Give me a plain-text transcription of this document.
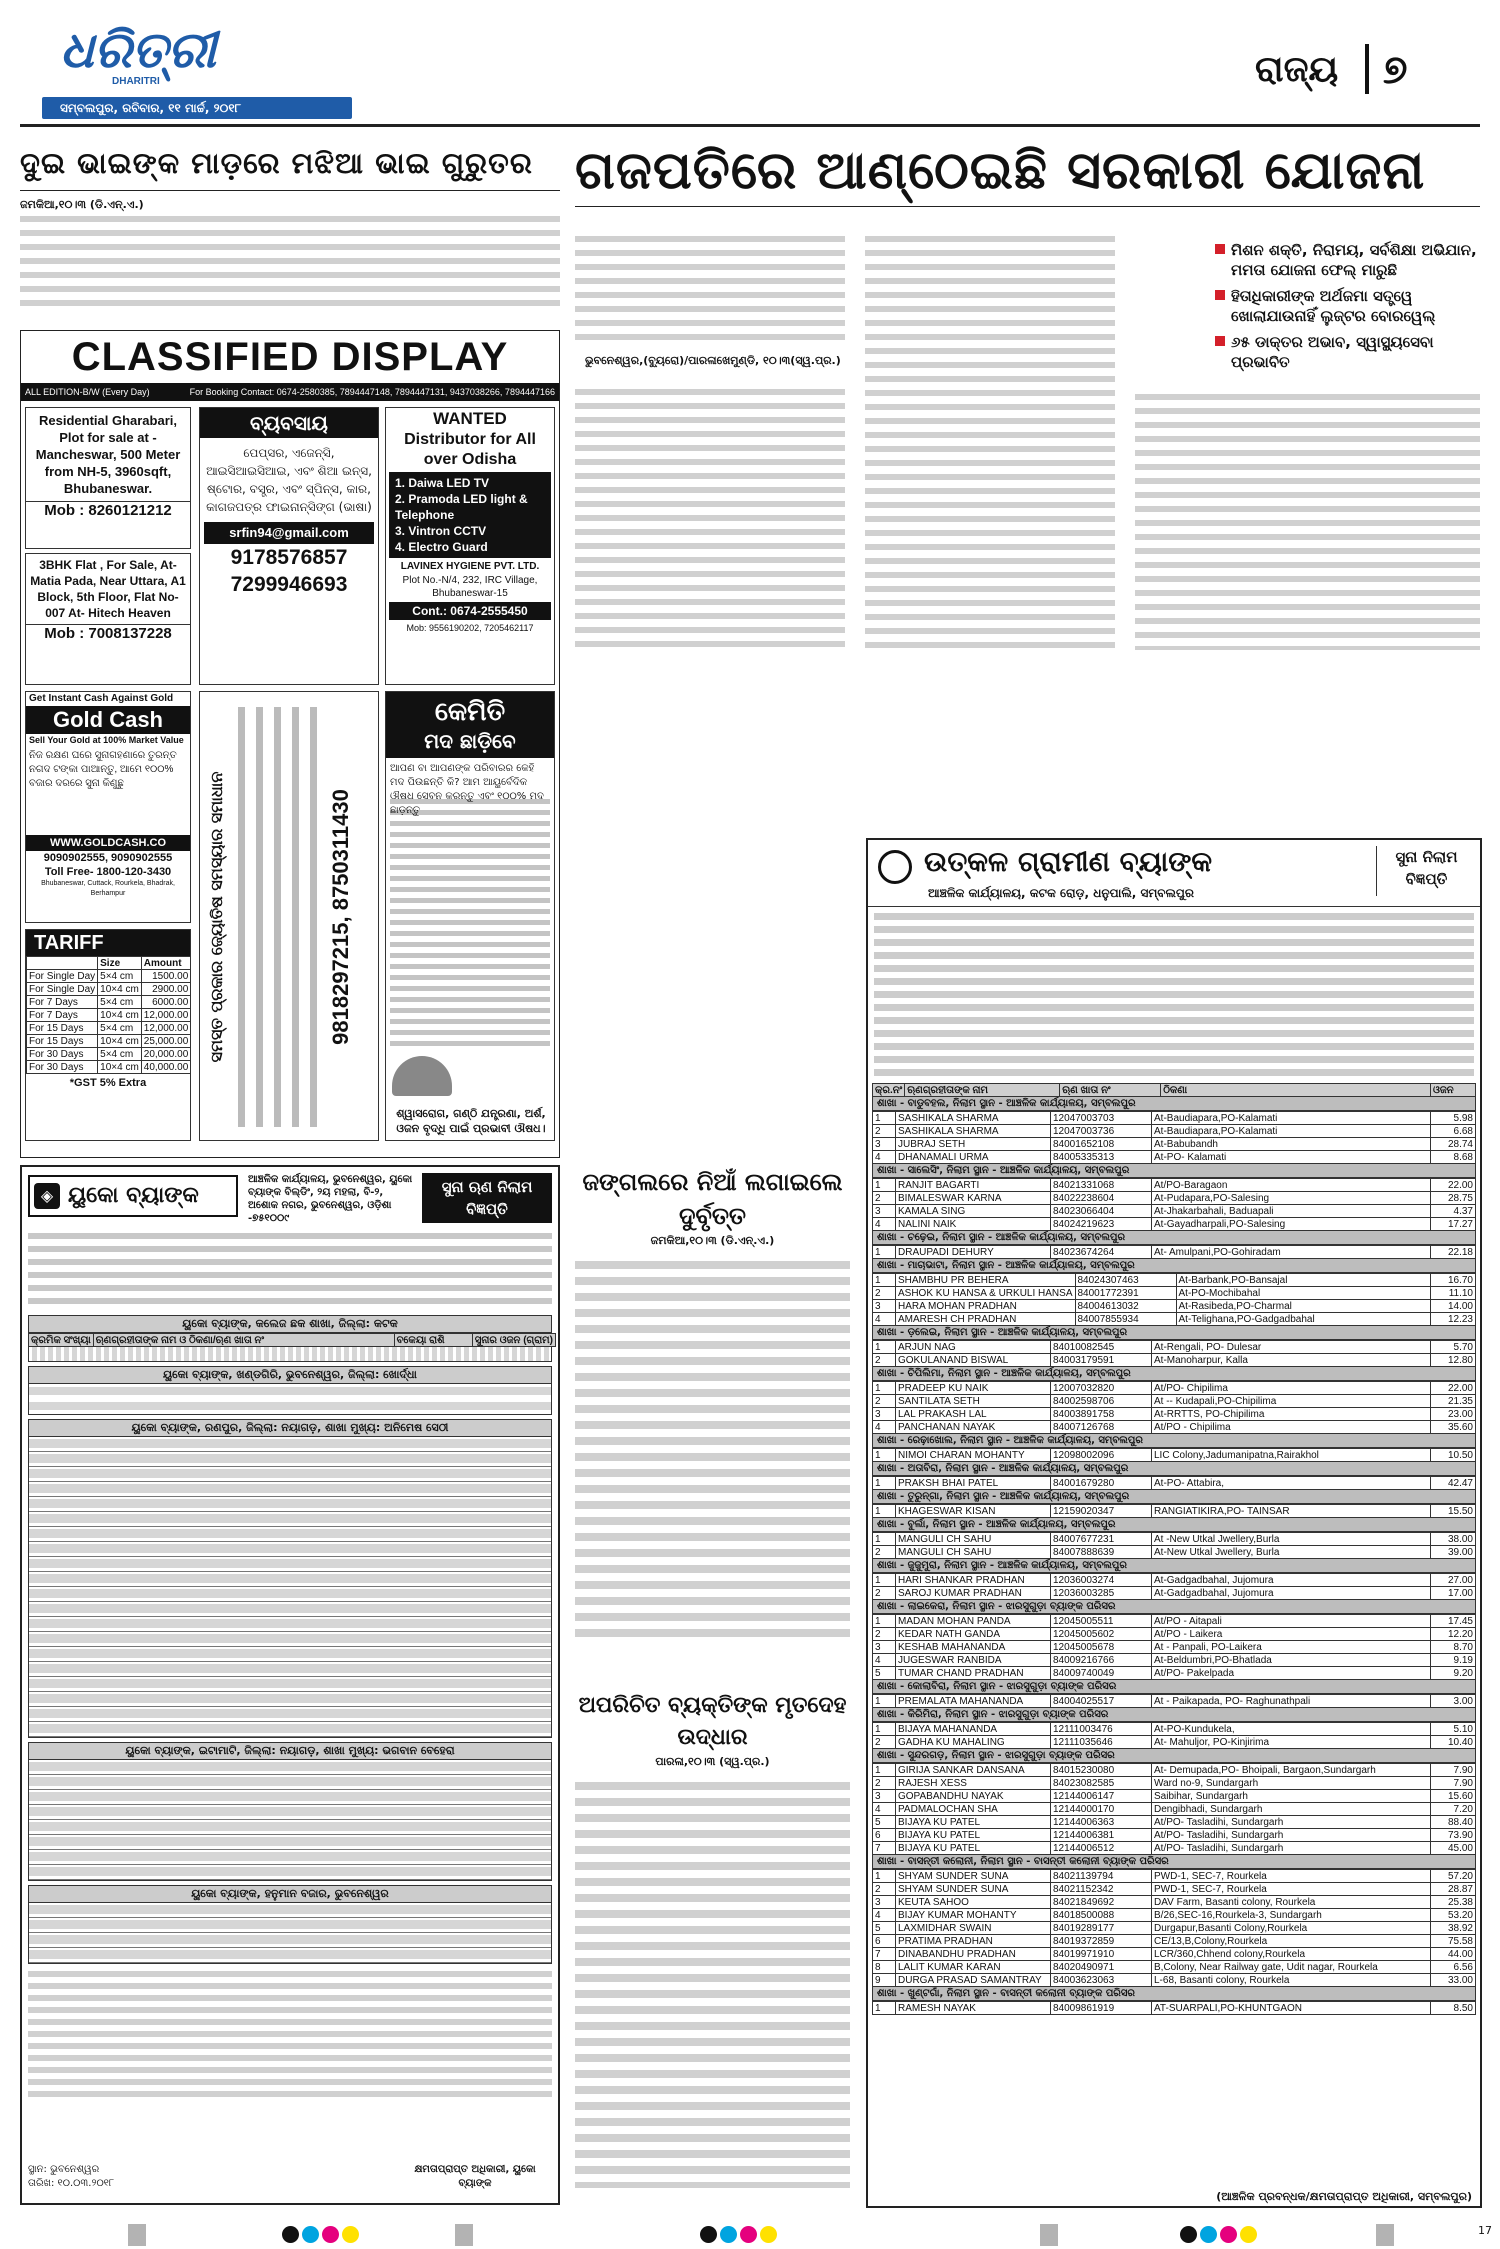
ଧରିତ୍ରୀ
DHARITRI
ସମ୍ବଲପୁର, ରବିବାର, ୧୧ ମାର୍ଚ୍ଚ, ୨୦୧୮
ରାଜ୍ୟ ୭
ଦୁଇ ଭାଇଙ୍କ ମାଡ଼ରେ ମଝିଆ ଭାଇ ଗୁରୁତର
ଜମକିଆ,୧୦।୩ (ଡି.ଏନ୍.ଏ.)
ଗଜପତିରେ ଆଣ୍ଠେଇଛି ସରକାରୀ ଯୋଜନା
ଭୁବନେଶ୍ୱର,(ବ୍ୟୁରୋ)/ପାରଳାଖେମୁଣ୍ଡି, ୧୦।୩(ସ୍ୱ.ପ୍ର.)
ମିଶନ ଶକ୍ତି, ନିରାମୟ, ସର୍ବଶିକ୍ଷା ଅଭିଯାନ, ମମତା ଯୋଜନା ଫେଲ୍ ମାରୁଛି
ହିତାଧିକାରୀଙ୍କ ଅର୍ଥଜମା ସତ୍ତ୍ୱେ ଖୋଲାଯାଉନାହିଁ ଲୁଜ୍‌ଟର ବୋରୱେଲ୍
୬୫ ଡାକ୍ତର ଅଭାବ, ସ୍ୱାସ୍ଥ୍ୟସେବା ପ୍ରଭାବିତ
CLASSIFIED DISPLAY
ALL EDITION-B/W (Every Day)	For Booking Contact: 0674-2580385, 7894447148, 7894447131, 9437038266, 7894447166
Residential Gharabari, Plot for sale at - Mancheswar, 500 Meter from NH-5, 3960sqft, Bhubaneswar.
Mob : 8260121212
3BHK Flat , For Sale, At- Matia Pada, Near Uttara, A1 Block, 5th Floor, Flat No-007 At- Hitech Heaven
Mob : 7008137228
ବ୍ୟବସାୟ
ପେପ୍‌ସର, ଏଜେନ୍ସି, ଆଇସିଆଇସିଆଇ, ଏବଂ ଶିଆ ଇନ୍‌ସ, ଷ୍ଟୋର, ବସ୍ତ୍ର, ଏବଂ ସ୍ପିନ୍ସ, କାର, କାଗଜପତ୍ର ଫାଇନାନ୍ସିଙ୍ଗ (ଭାଷା)
srfin94@gmail.com
9178576857
7299946693
WANTED
Distributor for All over Odisha
1. Daiwa LED TV
2. Pramoda LED light & Telephone
3. Vintron CCTV
4. Electro Guard
LAVINEX HYGIENE PVT. LTD.
Plot No.-N/4, 232, IRC Village, Bhubaneswar-15
Cont.: 0674-2555450
Mob: 9556190202, 7205462117
Get Instant Cash Against Gold
Gold Cash
Sell Your Gold at 100% Market Value
ନିଜ ରକ୍ଷଣ ଘରେ ସୁନାଗହଣାରେ ତୁରନ୍ତ ନଗଦ ଟଙ୍କା ପାଆନ୍ତୁ, ଆମେ ୧୦୦% ବଜାର ଦରରେ ସୁନା କିଣୁଛୁ
WWW.GOLDCASH.CO
9090902555, 9090902555
Toll Free- 1800-120-3430
Bhubaneswar, Cuttack, Rourkela, Bhadrak, Berhampur
TARIFF
	Size	Amount
For Single Day	5×4 cm	1500.00
For Single Day	10×4 cm	2900.00
For 7 Days	5×4 cm	6000.00
For 7 Days	10×4 cm	12,000.00
For 15 Days	5×4 cm	12,000.00
For 15 Days	10×4 cm	25,000.00
For 30 Days	5×4 cm	20,000.00
For 30 Days	10×4 cm	40,000.00
*GST 5% Extra
ସମସ୍ତ ପ୍ରକାର ଜ୍ୟୋତିଷ ସମସ୍ୟାର ସମାଧାନ	9818297215, 8750311430
କେମିତି
ମଦ ଛାଡ଼ିବେ
ଆପଣ ବା ଆପଣଙ୍କ ପରିବାରର କେହି ମଦ ପିଉଛନ୍ତି କି? ଆମ ଆୟୁର୍ବେଦିକ ଔଷଧ ସେବନ କରନ୍ତୁ ଏବଂ ୧୦୦% ମଦ ଛାଡ଼ନ୍ତୁ
ଶ୍ୱାସରୋଗ, ଗଣ୍ଠି ଯନ୍ତ୍ରଣା, ଅର୍ଶ, ଓଜନ ବୃଦ୍ଧି ପାଇଁ ପ୍ରଭାବୀ ଔଷଧ।
◈ ୟୁକୋ ବ୍ୟାଙ୍କ
ଆଞ୍ଚଳିକ କାର୍ଯ୍ୟାଳୟ, ଭୁବନେଶ୍ୱର, ୟୁକୋ ବ୍ୟାଙ୍କ ବିଲ୍ଡିଂ, ୨ୟ ମହଲା, ବି-୨, ଅଶୋକ ନଗର, ଭୁବନେଶ୍ୱର, ଓଡ଼ିଶା -୭୫୧୦୦୯
ସୁନା ଋଣ ନିଲାମ ବିଜ୍ଞପ୍ତି
ୟୁକୋ ବ୍ୟାଙ୍କ, କଲେଜ ଛକ ଶାଖା, ଜିଲ୍ଲା: କଟକ
କ୍ରମିକ ସଂଖ୍ୟା	ଋଣଗ୍ରହୀତାଙ୍କ ନାମ ଓ ଠିକଣା/ଋଣ ଖାତା ନଂ	ବକେୟା ରାଶି	ସୁନାର ଓଜନ (ଗ୍ରାମ)
ୟୁକୋ ବ୍ୟାଙ୍କ, ଖଣ୍ଡଗିରି, ଭୁବନେଶ୍ୱର, ଜିଲ୍ଲା: ଖୋର୍ଦ୍ଧା
ୟୁକୋ ବ୍ୟାଙ୍କ, ରଣପୁର, ଜିଲ୍ଲା: ନୟାଗଡ଼, ଶାଖା ମୁଖ୍ୟ: ଅନିମେଷ ସେଠୀ
ୟୁକୋ ବ୍ୟାଙ୍କ, ଇଟାମାଟି, ଜିଲ୍ଲା: ନୟାଗଡ଼, ଶାଖା ମୁଖ୍ୟ: ଭଗବାନ ବେହେରା
ୟୁକୋ ବ୍ୟାଙ୍କ, ହନୁମାନ ବଜାର, ଭୁବନେଶ୍ୱର
ସ୍ଥାନ: ଭୁବନେଶ୍ୱର
ତାରିଖ: ୧୦.୦୩.୨୦୧୮
କ୍ଷମତାପ୍ରାପ୍ତ ଅଧିକାରୀ, ୟୁକୋ ବ୍ୟାଙ୍କ
ଜଙ୍ଗଲରେ ନିଆଁ ଲଗାଇଲେ ଦୁର୍ବୃତ୍ତ
ଜମକିଆ,୧୦।୩ (ଡି.ଏନ୍.ଏ.)
ଅପରିଚିତ ବ୍ୟକ୍ତିଙ୍କ ମୃତଦେହ ଉଦ୍ଧାର
ପାରଳା,୧୦।୩ (ସ୍ୱ.ପ୍ର.)
ଉତ୍କଳ ଗ୍ରାମୀଣ ବ୍ୟାଙ୍କ
ଆଞ୍ଚଳିକ କାର୍ଯ୍ୟାଳୟ, କଟକ ରୋଡ଼, ଧନୁପାଲି, ସମ୍ବଲପୁର
ସୁନା ନିଲାମ ବିଜ୍ଞପ୍ତି
କ୍ର.ନଂ	ଋଣଗ୍ରହୀତାଙ୍କ ନାମ	ଋଣ ଖାତା ନଂ	ଠିକଣା	ଓଜନ
ଶାଖା - ବାଡୁବହଲ, ନିଲାମ ସ୍ଥାନ - ଆଞ୍ଚଳିକ କାର୍ଯ୍ୟାଳୟ, ସମ୍ବଲପୁର
1	SASHIKALA SHARMA	12047003703	At-Baudiapara,PO-Kalamati	5.98
2	SASHIKALA SHARMA	12047003736	At-Baudiapara,PO-Kalamati	6.68
3	JUBRAJ SETH	84001652108	At-Babubandh	28.74
4	DHANAMALI URMA	84005335313	At-PO- Kalamati	8.68
ଶାଖା - ସାଲେସିଂ, ନିଲାମ ସ୍ଥାନ - ଆଞ୍ଚଳିକ କାର୍ଯ୍ୟାଳୟ, ସମ୍ବଲପୁର
1	RANJIT BAGARTI	84021331068	At/PO-Baragaon	22.00
2	BIMALESWAR KARNA	84022238604	At-Pudapara,PO-Salesing	28.75
3	KAMALA SING	84023066404	At-Jhakarbahali, Baduapali	4.37
4	NALINI NAIK	84024219623	At-Gayadharpali,PO-Salesing	17.27
ଶାଖା - ଚଢ଼େଇ, ନିଲାମ ସ୍ଥାନ - ଆଞ୍ଚଳିକ କାର୍ଯ୍ୟାଳୟ, ସମ୍ବଲପୁର
1	DRAUPADI DEHURY	84023674264	At- Amulpani,PO-Gohiradam	22.18
ଶାଖା - ମାଚାଭାଟା, ନିଲାମ ସ୍ଥାନ - ଆଞ୍ଚଳିକ କାର୍ଯ୍ୟାଳୟ, ସମ୍ବଲପୁର
1	SHAMBHU PR BEHERA	84024307463	At-Barbank,PO-Bansajal	16.70
2	ASHOK KU HANSA & URKULI HANSA	84001772391	At-PO-Mochibahal	11.10
3	HARA MOHAN PRADHAN	84004613032	At-Rasibeda,PO-Charmal	14.00
4	AMARESH CH PRADHAN	84007855934	At-Telighana,PO-Gadgadbahal	12.23
ଶାଖା - ଡ଼ଲେଇ, ନିଲାମ ସ୍ଥାନ - ଆଞ୍ଚଳିକ କାର୍ଯ୍ୟାଳୟ, ସମ୍ବଲପୁର
1	ARJUN NAG	84010082545	At-Rengali, PO- Dulesar	5.70
2	GOKULANAND BISWAL	84003179591	At-Manoharpur, Kalla	12.80
ଶାଖା - ଚିପିଲିମା, ନିଲାମ ସ୍ଥାନ - ଆଞ୍ଚଳିକ କାର୍ଯ୍ୟାଳୟ, ସମ୍ବଲପୁର
1	PRADEEP KU NAIK	12007032820	At/PO- Chipilima	22.00
2	SANTILATA SETH	84002598706	At -- Kudapali,PO-Chipilima	21.35
3	LAL PRAKASH LAL	84003891758	At-RRTTS, PO-Chipilima	23.00
4	PANCHANAN NAYAK	84007126768	At/PO - Chipilima	35.60
ଶାଖା - ରେଢ଼ାଖୋଲ, ନିଲାମ ସ୍ଥାନ - ଆଞ୍ଚଳିକ କାର୍ଯ୍ୟାଳୟ, ସମ୍ବଲପୁର
1	NIMOI CHARAN MOHANTY	12098002096	LIC Colony,Jadumanipatna,Rairakhol	10.50
ଶାଖା - ଅତାବିରା, ନିଲାମ ସ୍ଥାନ - ଆଞ୍ଚଳିକ କାର୍ଯ୍ୟାଳୟ, ସମ୍ବଲପୁର
1	PRAKSH BHAI PATEL	84001679280	At-PO- Attabira,	42.47
ଶାଖା - ତୁରୁନ୍‌ଗା, ନିଲାମ ସ୍ଥାନ - ଆଞ୍ଚଳିକ କାର୍ଯ୍ୟାଳୟ, ସମ୍ବଲପୁର
1	KHAGESWAR KISAN	12159020347	RANGIATIKIRA,PO- TAINSAR	15.50
ଶାଖା - ବୁର୍ଲା, ନିଲାମ ସ୍ଥାନ - ଆଞ୍ଚଳିକ କାର୍ଯ୍ୟାଳୟ, ସମ୍ବଲପୁର
1	MANGULI CH SAHU	84007677231	At -New Utkal Jwellery,Burla	38.00
2	MANGULI CH SAHU	84007888639	At-New Utkal Jwellery, Burla	39.00
ଶାଖା - ଜୁଜୁମୁରା, ନିଲାମ ସ୍ଥାନ - ଆଞ୍ଚଳିକ କାର୍ଯ୍ୟାଳୟ, ସମ୍ବଲପୁର
1	HARI SHANKAR PRADHAN	12036003274	At-Gadgadbahal, Jujomura	27.00
2	SAROJ KUMAR PRADHAN	12036003285	At-Gadgadbahal, Jujomura	17.00
ଶାଖା - ଲାଇକେରା, ନିଲାମ ସ୍ଥାନ - ଝାରସୁଗୁଡ଼ା ବ୍ୟାଙ୍କ ପରିସର
1	MADAN MOHAN PANDA	12045005511	At/PO - Aitapali	17.45
2	KEDAR NATH GANDA	12045005602	At/PO - Laikera	12.20
3	KESHAB MAHANANDA	12045005678	At - Panpali, PO-Laikera	8.70
4	JUGESWAR RANBIDA	84009216766	At-Beldumbri,PO-Bhatlada	9.19
5	TUMAR CHAND PRADHAN	84009740049	At/PO- Pakelpada	9.20
ଶାଖା - କୋଲାବିରା, ନିଲାମ ସ୍ଥାନ - ଝାରସୁଗୁଡ଼ା ବ୍ୟାଙ୍କ ପରିସର
1	PREMALATA MAHANANDA	84004025517	At - Paikapada, PO- Raghunathpali	3.00
ଶାଖା - କିରିମିରା, ନିଲାମ ସ୍ଥାନ - ଝାରସୁଗୁଡ଼ା ବ୍ୟାଙ୍କ ପରିସର
1	BIJAYA MAHANANDA	12111003476	At-PO-Kundukela,	5.10
2	GADHA KU MAHALING	12111035646	At- Mahuljor, PO-Kinjirima	10.40
ଶାଖା - ସୁନ୍ଦରଗଡ଼, ନିଲାମ ସ୍ଥାନ - ଝାରସୁଗୁଡ଼ା ବ୍ୟାଙ୍କ ପରିସର
1	GIRIJA SANKAR DANSANA	84015230080	At- Demupada,PO- Bhoipali, Bargaon,Sundargarh	7.90
2	RAJESH XESS	84023082585	Ward no-9, Sundargarh	7.90
3	GOPABANDHU NAYAK	12144006147	Saibihar, Sundargarh	15.60
4	PADMALOCHAN SHA	12144000170	Dengibhadi, Sundargarh	7.20
5	BIJAYA KU PATEL	12144006363	At/PO- Tasladihi, Sundargarh	88.40
6	BIJAYA KU PATEL	12144006381	At/PO- Tasladihi, Sundargarh	73.90
7	BIJAYA KU PATEL	12144006512	At/PO- Tasladihi, Sundargarh	45.00
ଶାଖା - ବାସନ୍ତୀ କଲୋନୀ, ନିଲାମ ସ୍ଥାନ - ବାସନ୍ତୀ କଲୋନୀ ବ୍ୟାଙ୍କ ପରିସର
1	SHYAM SUNDER SUNA	84021139794	PWD-1, SEC-7, Rourkela	57.20
2	SHYAM SUNDER SUNA	84021152342	PWD-1, SEC-7, Rourkela	28.87
3	KEUTA SAHOO	84021849692	DAV Farm, Basanti colony, Rourkela	25.38
4	BIJAY KUMAR MOHANTY	84018500088	B/26,SEC-16,Rourkela-3, Sundargarh	53.20
5	LAXMIDHAR SWAIN	84019289177	Durgapur,Basanti Colony,Rourkela	38.92
6	PRATIMA PRADHAN	84019372859	CE/13,B,Colony,Rourkela	75.58
7	DINABANDHU PRADHAN	84019971910	LCR/360,Chhend colony,Rourkela	44.00
8	LALIT KUMAR KARAN	84020490971	B,Colony, Near Railway gate, Udit nagar, Rourkela	6.56
9	DURGA PRASAD SAMANTRAY	84003623063	L-68, Basanti colony, Rourkela	33.00
ଶାଖା - ଖୁଣ୍ଟଗାଁ, ନିଲାମ ସ୍ଥାନ - ବାସନ୍ତୀ କଲୋନୀ ବ୍ୟାଙ୍କ ପରିସର
1	RAMESH NAYAK	84009861919	AT-SUARPALI,PO-KHUNTGAON	8.50
(ଆଞ୍ଚଳିକ ପ୍ରବନ୍ଧକ/କ୍ଷମତାପ୍ରାପ୍ତ ଅଧିକାରୀ, ସମ୍ବଲପୁର)
17
